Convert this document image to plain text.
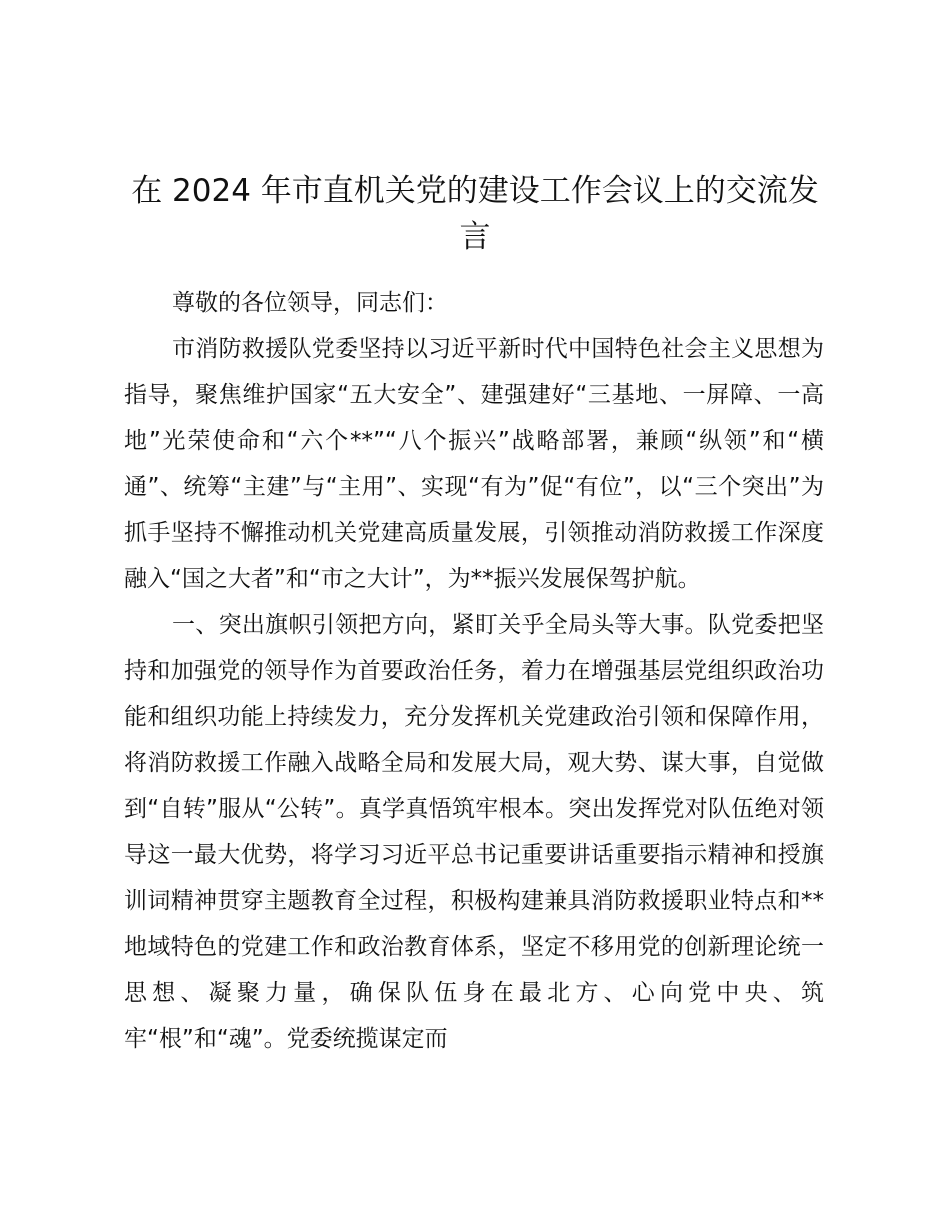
在 2024 年市直机关党的建设工作会议上的交流发言

尊敬的各位领导，同志们：

市消防救援队党委坚持以习近平新时代中国特色社会主义思想为指导，聚焦维护国家“五大安全”、建强建好“三基地、一屏障、一高地”光荣使命和“六个**”“八个振兴”战略部署，兼顾“纵领”和“横通”、统筹“主建”与“主用”、实现“有为”促“有位”，以“三个突出”为抓手坚持不懈推动机关党建高质量发展，引领推动消防救援工作深度融入“国之大者”和“市之大计”，为**振兴发展保驾护航。

一、突出旗帜引领把方向，紧盯关乎全局头等大事。队党委把坚持和加强党的领导作为首要政治任务，着力在增强基层党组织政治功能和组织功能上持续发力，充分发挥机关党建政治引领和保障作用，将消防救援工作融入战略全局和发展大局，观大势、谋大事，自觉做到“自转”服从“公转”。真学真悟筑牢根本。突出发挥党对队伍绝对领导这一最大优势，将学习习近平总书记重要讲话重要指示精神和授旗训词精神贯穿主题教育全过程，积极构建兼具消防救援职业特点和**地域特色的党建工作和政治教育体系，坚定不移用党的创新理论统一思想、凝聚力量，确保队伍身在最北方、心向党中央、筑牢“根”和“魂”。党委统揽谋定而
